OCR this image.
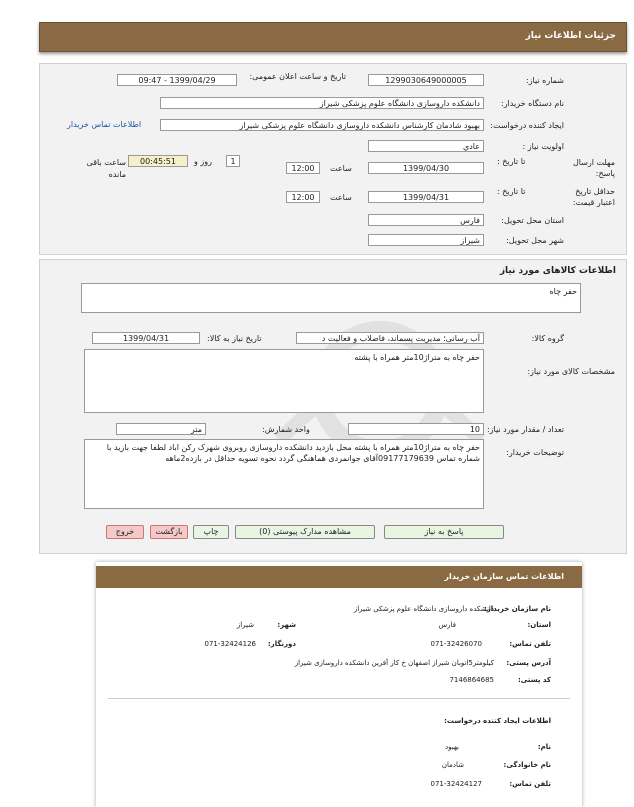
جزئیات اطلاعات نیاز
شماره نیاز:
1299030649000005
تاریخ و ساعت اعلان عمومی:
1399/04/29 - 09:47
نام دستگاه خریدار:
دانشکده داروسازی دانشگاه علوم پزشکی شیراز
ایجاد کننده درخواست:
بهبود شادمان کارشناس دانشکده داروسازی دانشگاه علوم پزشکی شیراز
اطلاعات تماس خریدار
اولویت نیاز :
عادي
مهلت ارسال پاسخ:
تا تاریخ :
1399/04/30
ساعت
12:00
1
روز و
00:45:51
ساعت باقی مانده
حداقل تاریخ اعتبار قیمت:
تا تاریخ :
1399/04/31
ساعت
12:00
استان محل تحویل:
فارس
شهر محل تحویل:
شیراز
اطلاعات کالاهای مورد نیاز
حفر چاه
گروه کالا:
آب رسانی؛ مدیریت پسماند، فاضلاب و فعالیت د
تاریخ نیاز به کالا:
1399/04/31
مشخصات کالای مورد نیاز:
حفر چاه به متراژ10متر همراه با پشته
تعداد / مقدار مورد نیاز:
10
واحد شمارش:
متر
توضیحات خریدار:
حفر چاه به متراژ10متر همراه با پشته محل بازدید دانشکده داروسازی روبروی شهرک رکن اباد لطفا جهت بازید با شماره تماس 09177179639آقای جوانمردی هماهنگی گردد نحوه تسویه حداقل در بازده2ماهه
پاسخ به نیاز
مشاهده مدارک پیوستی (0)
چاپ
بازگشت
خروج
اطلاعات تماس سازمان خریدار
نام سازمان خریدار:
دانشکده داروسازی دانشگاه علوم پزشکی شیراز
استان:
فارس
شهر:
شیراز
تلفن تماس:
071-32426070
دورنگار:
071-32424126
آدرس پستی:
کیلومتر5اتوبان شیراز اصفهان خ کار آفرین دانشکده داروسازی شیراز
کد پستی:
7146864685
اطلاعات ایجاد کننده درخواست:
نام:
بهبود
نام خانوادگی:
شادمان
تلفن تماس:
071-32424127
